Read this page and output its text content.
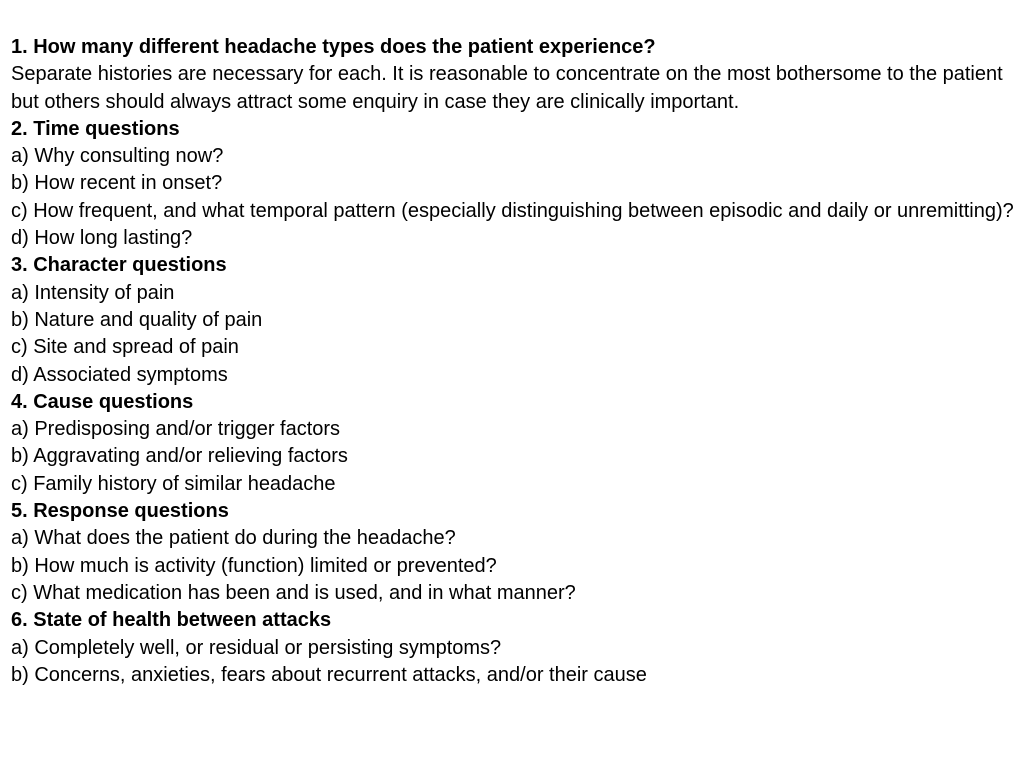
1. How many different headache types does the patient experience?

Separate histories are necessary for each. It is reasonable to concentrate on the most bothersome to the patient but others should always attract some enquiry in case they are clinically important.

2. Time questions

a) Why consulting now?

b) How recent in onset?

c) How frequent, and what temporal pattern (especially distinguishing between episodic and daily or unremitting)?

d) How long lasting?

3. Character questions

a) Intensity of pain

b) Nature and quality of pain

c) Site and spread of pain

d) Associated symptoms

4. Cause questions

a) Predisposing and/or trigger factors

b) Aggravating and/or relieving factors

c) Family history of similar headache

5. Response questions

a) What does the patient do during the headache?

b) How much is activity (function) limited or prevented?

c) What medication has been and is used, and in what manner?

6. State of health between attacks

a) Completely well, or residual or persisting symptoms?

b) Concerns, anxieties, fears about recurrent attacks, and/or their cause
